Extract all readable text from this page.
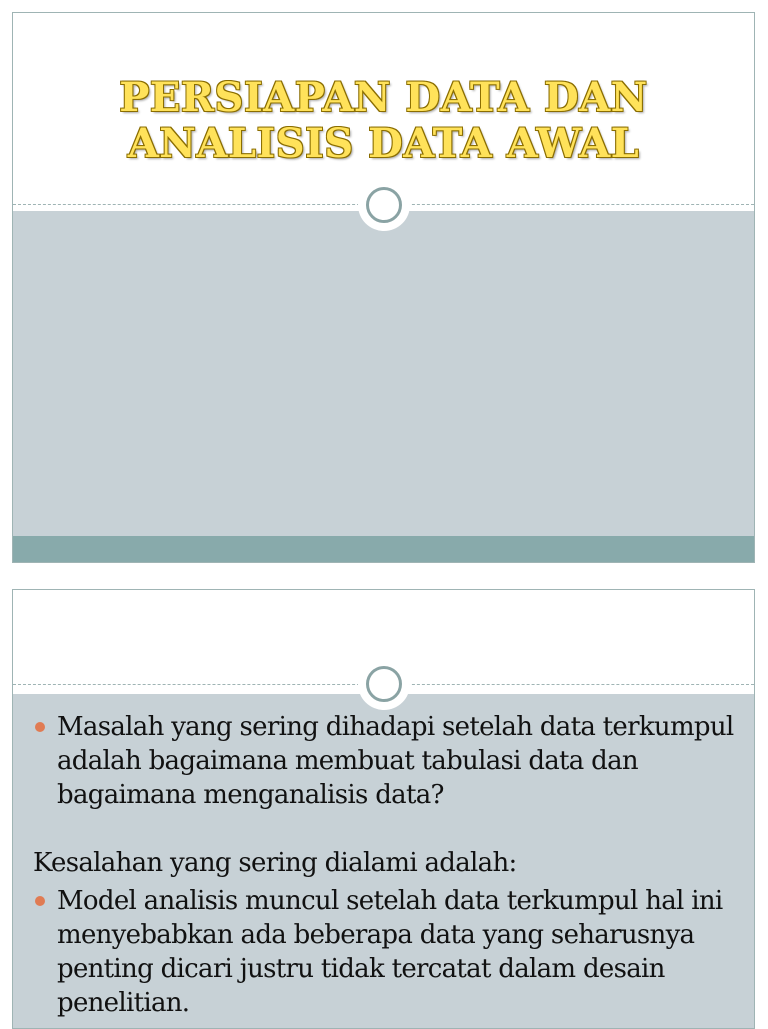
PERSIAPAN DATA DAN
ANALISIS DATA AWAL
Masalah yang sering dihadapi setelah data terkumpul adalah bagaimana membuat tabulasi data dan bagaimana menganalisis data?
Kesalahan yang sering dialami adalah:
Model analisis muncul setelah data terkumpul hal ini menyebabkan ada beberapa data yang seharusnya penting dicari justru tidak tercatat dalam desain penelitian.
